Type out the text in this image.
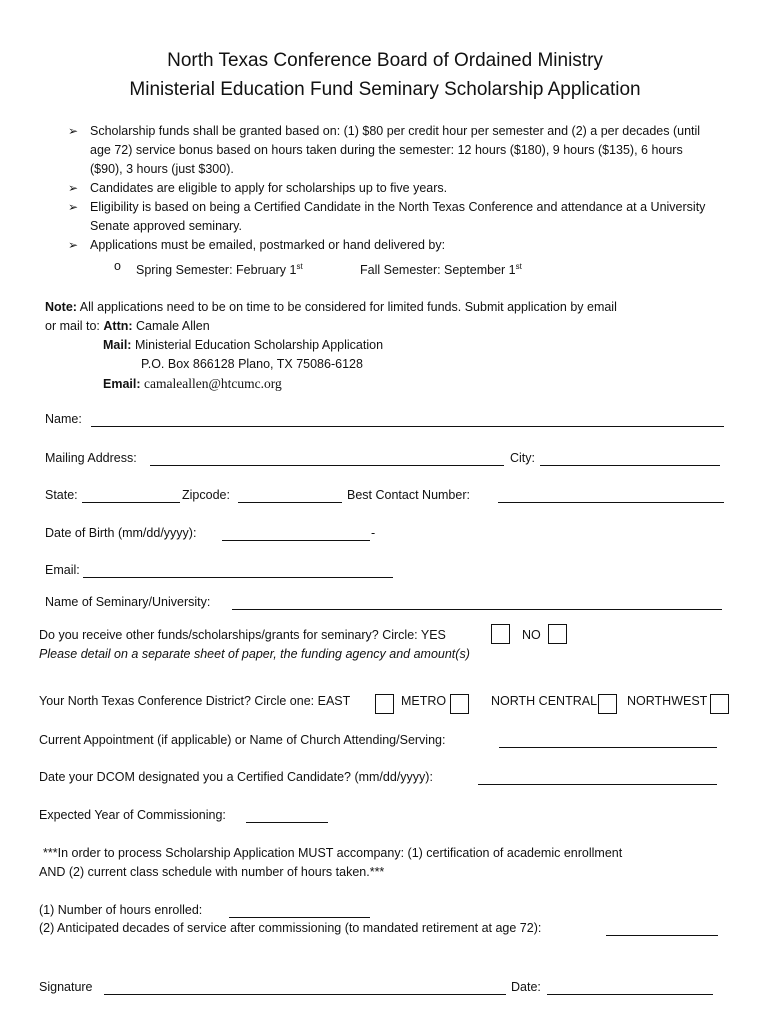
North Texas Conference Board of Ordained Ministry
Ministerial Education Fund Seminary Scholarship Application
➢ Scholarship funds shall be granted based on: (1) $80 per credit hour per semester and (2) a per decades (until age 72) service bonus based on hours taken during the semester: 12 hours ($180), 9 hours ($135), 6 hours ($90), 3 hours (just $300).
➢ Candidates are eligible to apply for scholarships up to five years.
➢ Eligibility is based on being a Certified Candidate in the North Texas Conference and attendance at a University Senate approved seminary.
➢ Applications must be emailed, postmarked or hand delivered by:
o	Spring Semester: February 1st	Fall Semester: September 1st
Note: All applications need to be on time to be considered for limited funds. Submit application by email
or mail to: Attn: Camale Allen
Mail: Ministerial Education Scholarship Application
P.O. Box 866128 Plano, TX 75086-6128
Email: camaleallen@htcumc.org
Name:
Mailing Address:	City:
State:	Zipcode:	Best Contact Number:
Date of Birth (mm/dd/yyyy):	-
Email:
Name of Seminary/University:
Do you receive other funds/scholarships/grants for seminary? Circle: YES	NO
Please detail on a separate sheet of paper, the funding agency and amount(s)
Your North Texas Conference District? Circle one: EAST	METRO	NORTH CENTRAL NORTHWEST
Current Appointment (if applicable) or Name of Church Attending/Serving:
Date your DCOM designated you a Certified Candidate? (mm/dd/yyyy):
Expected Year of Commissioning:
***In order to process Scholarship Application MUST accompany: (1) certification of academic enrollment
AND (2) current class schedule with number of hours taken.***
(1) Number of hours enrolled:
(2) Anticipated decades of service after commissioning (to mandated retirement at age 72):
Signature	Date:
